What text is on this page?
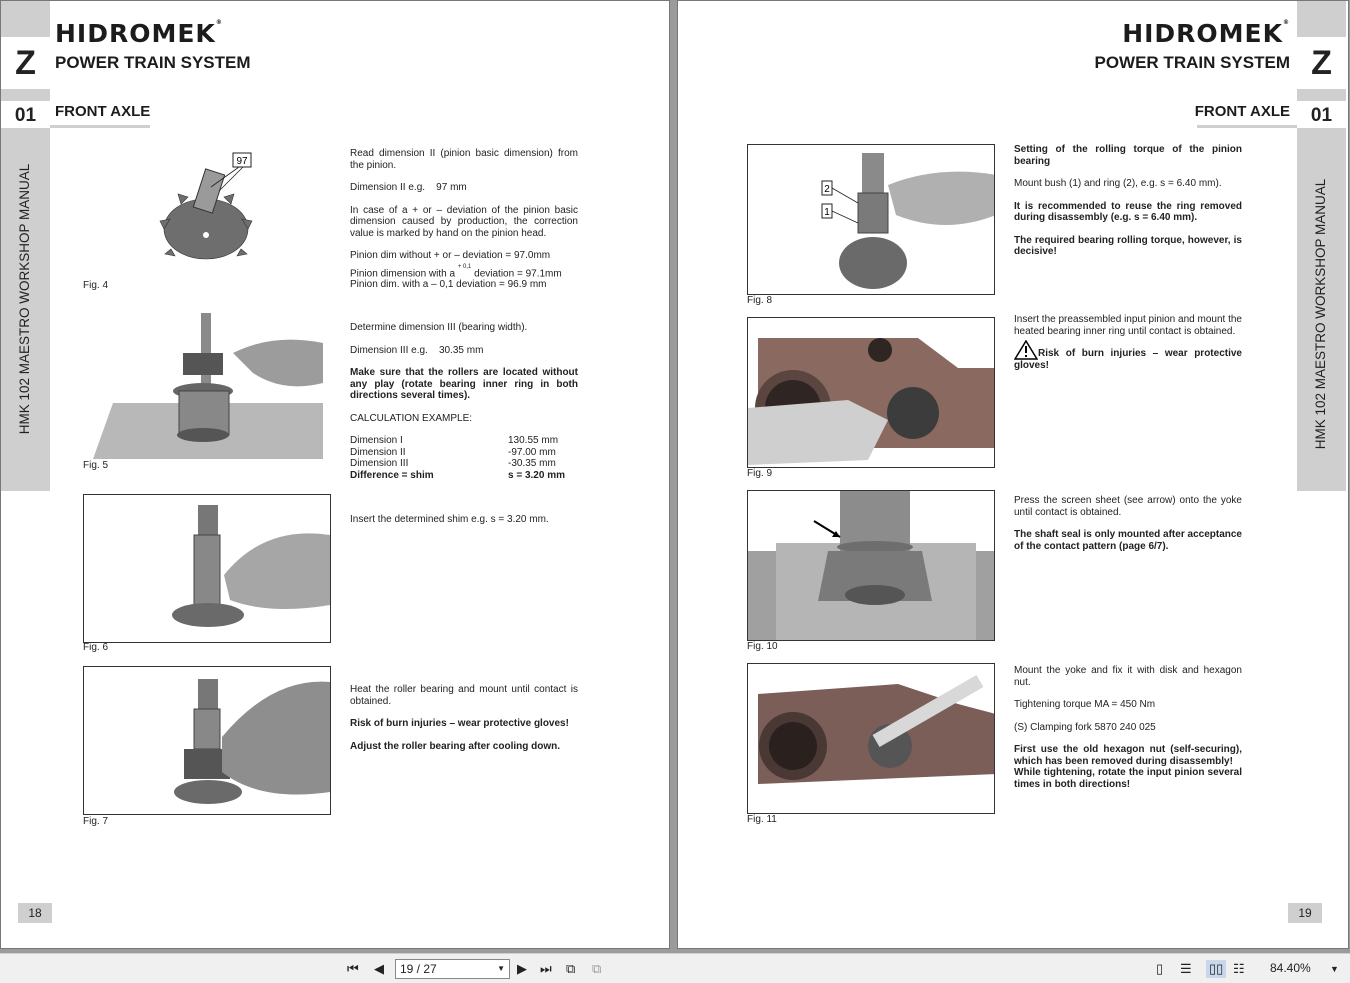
Z
01
HMK 102 MAESTRO WORKSHOP MANUAL
HIDROMEK®
POWER TRAIN SYSTEM
FRONT AXLE
97
Fig. 4
Fig. 5
Fig. 6
Fig. 7

Read dimension II (pinion basic dimension) from the pinion.

Dimension II e.g. 97 mm

In case of a + or – deviation of the pinion basic dimension caused by production, the correction value is marked by hand on the pinion head.

Pinion dim without + or – deviation = 97.0mm

Pinion dimension with a $^{+ 0,1}$ deviation = 97.1mm
Pinion dim. with a – 0,1 deviation = 96.9 mm

Determine dimension III (bearing width).

Dimension III e.g. 30.35 mm

Make sure that the rollers are located without any play (rotate bearing inner ring in both directions several times).

CALCULATION EXAMPLE:

Dimension I	130.55 mm
Dimension II	-97.00 mm
Dimension III	-30.35 mm
Difference = shim	s = 3.20 mm

Insert the determined shim e.g. s = 3.20 mm.

Heat the roller bearing and mount until contact is obtained.

Risk of burn injuries – wear protective gloves!

Adjust the roller bearing after cooling down.

18
Z
01
HMK 102 MAESTRO WORKSHOP MANUAL
HIDROMEK®
POWER TRAIN SYSTEM
FRONT AXLE
2
1
Fig. 8
Fig. 9
Fig. 10
Fig. 11

Setting of the rolling torque of the pinion bearing

Mount bush (1) and ring (2), e.g. s = 6.40 mm).

It is recommended to reuse the ring removed during disassembly (e.g. s = 6.40 mm).

The required bearing rolling torque, however, is decisive!

Insert the preassembled input pinion and mount the heated bearing inner ring until contact is obtained.

Risk of burn injuries – wear protective gloves!

Press the screen sheet (see arrow) onto the yoke until contact is obtained.

The shaft seal is only mounted after acceptance of the contact pattern (page 6/7).

Mount the yoke and fix it with disk and hexagon nut.

Tightening torque MA = 450 Nm

(S) Clamping fork 5870 240 025

First use the old hexagon nut (self-securing), which has been removed during disassembly!
While tightening, rotate the input pinion several times in both directions!
19
⏮ ◀	19 / 27	▼ ▶ ⏭ ⧉ ⧉	▯ ☰ ▯▯ ☷ 84.40% ▼
